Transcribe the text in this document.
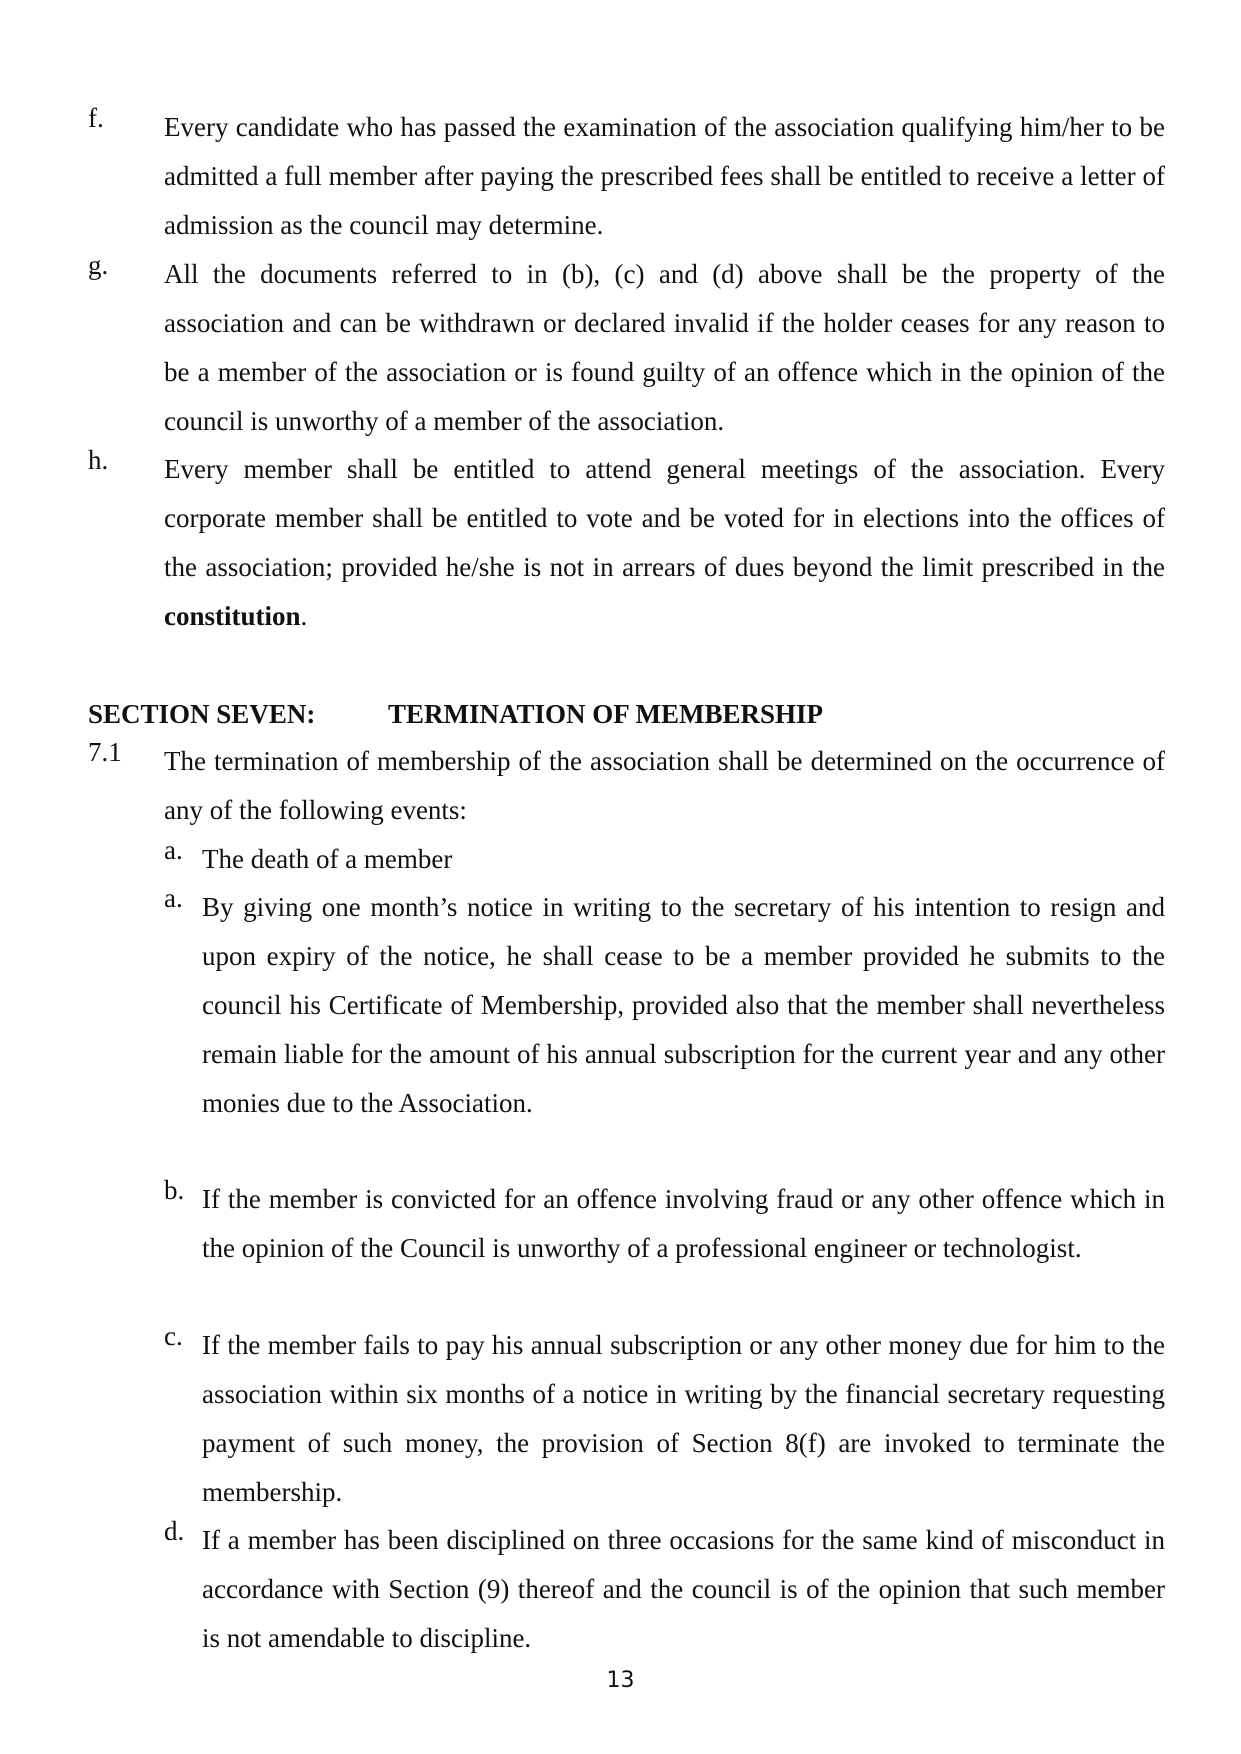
f. Every candidate who has passed the examination of the association qualifying him/her to be admitted a full member after paying the prescribed fees shall be entitled to receive a letter of admission as the council may determine.
g. All the documents referred to in (b), (c) and (d) above shall be the property of the association and can be withdrawn or declared invalid if the holder ceases for any reason to be a member of the association or is found guilty of an offence which in the opinion of the council is unworthy of a member of the association.
h. Every member shall be entitled to attend general meetings of the association. Every corporate member shall be entitled to vote and be voted for in elections into the offices of the association; provided he/she is not in arrears of dues beyond the limit prescribed in the constitution.
SECTION SEVEN:	TERMINATION OF MEMBERSHIP
7.1 The termination of membership of the association shall be determined on the occurrence of any of the following events:
a. The death of a member
a. By giving one month’s notice in writing to the secretary of his intention to resign and upon expiry of the notice, he shall cease to be a member provided he submits to the council his Certificate of Membership, provided also that the member shall nevertheless remain liable for the amount of his annual subscription for the current year and any other monies due to the Association.
b. If the member is convicted for an offence involving fraud or any other offence which in the opinion of the Council is unworthy of a professional engineer or technologist.
c. If the member fails to pay his annual subscription or any other money due for him to the association within six months of a notice in writing by the financial secretary requesting payment of such money, the provision of Section 8(f) are invoked to terminate the membership.
d. If a member has been disciplined on three occasions for the same kind of misconduct in accordance with Section (9) thereof and the council is of the opinion that such member is not amendable to discipline.
13
